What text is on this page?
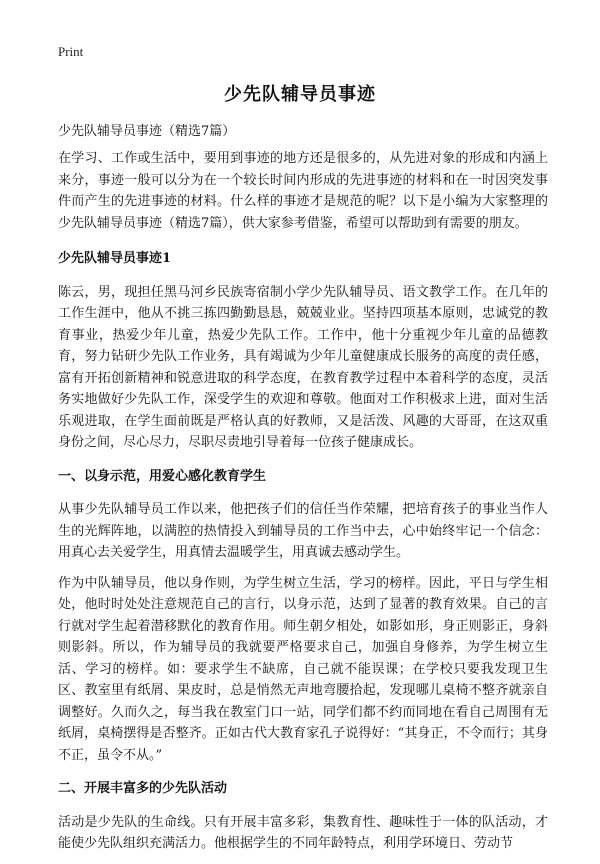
Print
少先队辅导员事迹
少先队辅导员事迹（精选7篇）

在学习、工作或生活中，要用到事迹的地方还是很多的，从先进对象的形成和内涵上来分，事迹一般可以分为在一个较长时间内形成的先进事迹的材料和在一时因突发事件而产生的先进事迹的材料。什么样的事迹才是规范的呢？以下是小编为大家整理的少先队辅导员事迹（精选7篇），供大家参考借鉴，希望可以帮助到有需要的朋友。

少先队辅导员事迹1

陈云，男，现担任黑马河乡民族寄宿制小学少先队辅导员、语文教学工作。在几年的工作生涯中，他从不挑三拣四勤勤恳恳，兢兢业业。坚持四项基本原则，忠诚党的教育事业，热爱少年儿童，热爱少先队工作。工作中，他十分重视少年儿童的品德教育，努力钻研少先队工作业务，具有竭诚为少年儿童健康成长服务的高度的责任感，富有开拓创新精神和锐意进取的科学态度，在教育教学过程中本着科学的态度，灵活务实地做好少先队工作，深受学生的欢迎和尊敬。他面对工作积极求上进，面对生活乐观进取，在学生面前既是严格认真的好教师，又是活泼、风趣的大哥哥，在这双重身份之间，尽心尽力，尽职尽责地引导着每一位孩子健康成长。

一、以身示范，用爱心感化教育学生

从事少先队辅导员工作以来，他把孩子们的信任当作荣耀，把培育孩子的事业当作人生的光辉阵地，以满腔的热情投入到辅导员的工作当中去，心中始终牢记一个信念：用真心去关爱学生，用真情去温暖学生，用真诚去感动学生。

作为中队辅导员，他以身作则，为学生树立生活，学习的榜样。因此，平日与学生相处，他时时处处注意规范自己的言行，以身示范，达到了显著的教育效果。自己的言行就对学生起着潜移默化的教育作用。师生朝夕相处，如影如形，身正则影正，身斜则影斜。所以，作为辅导员的我就要严格要求自己，加强自身修养，为学生树立生活、学习的榜样。如：要求学生不缺席，自己就不能误课；在学校只要我发现卫生区、教室里有纸屑、果皮时，总是悄然无声地弯腰拾起，发现哪儿桌椅不整齐就亲自调整好。久而久之，每当我在教室门口一站，同学们都不约而同地在看自己周围有无纸屑，桌椅摆得是否整齐。正如古代大教育家孔子说得好：“其身正，不令而行；其身不正，虽令不从。”

二、开展丰富多的少先队活动

活动是少先队的生命线。只有开展丰富多彩，集教育性、趣味性于一体的队活动，才能使少先队组织充满活力。他根据学生的不同年龄特点，利用学环境日、劳动节
